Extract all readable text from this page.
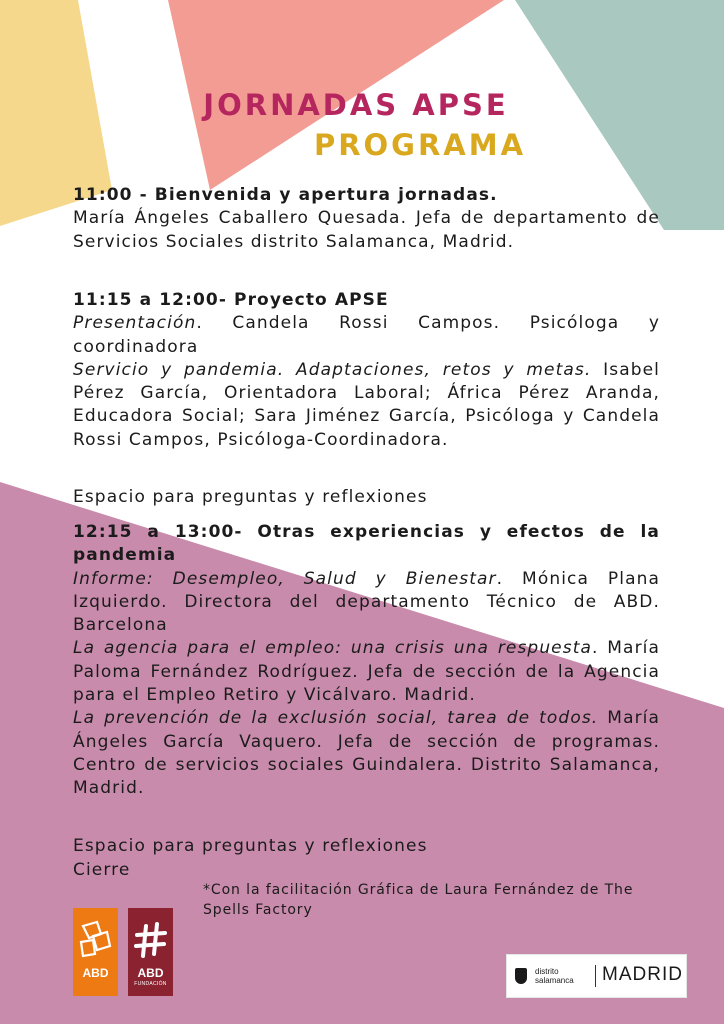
JORNADAS APSE
PROGRAMA

11:00 - Bienvenida y apertura jornadas.

María Ángeles Caballero Quesada. Jefa de departamento de Servicios Sociales distrito Salamanca, Madrid.

11:15 a 12:00- Proyecto APSE

Presentación. Candela Rossi Campos. Psicóloga y coordinadora

Servicio y pandemia. Adaptaciones, retos y metas. Isabel Pérez García, Orientadora Laboral; África Pérez Aranda, Educadora Social; Sara Jiménez García, Psicóloga y Candela Rossi Campos, Psicóloga-Coordinadora.

Espacio para preguntas y reflexiones

12:15 a 13:00- Otras experiencias y efectos de la pandemia

Informe: Desempleo, Salud y Bienestar. Mónica Plana Izquierdo. Directora del departamento Técnico de ABD. Barcelona

La agencia para el empleo: una crisis una respuesta. María Paloma Fernández Rodríguez. Jefa de sección de la Agencia para el Empleo Retiro y Vicálvaro. Madrid.

La prevención de la exclusión social, tarea de todos. María Ángeles García Vaquero. Jefa de sección de programas. Centro de servicios sociales Guindalera. Distrito Salamanca, Madrid.

Espacio para preguntas y reflexiones
Cierre
*Con la facilitación Gráfica de Laura Fernández de The Spells Factory
ABD	ABD
FUNDACIÓN
distrito
salamanca MADRID
